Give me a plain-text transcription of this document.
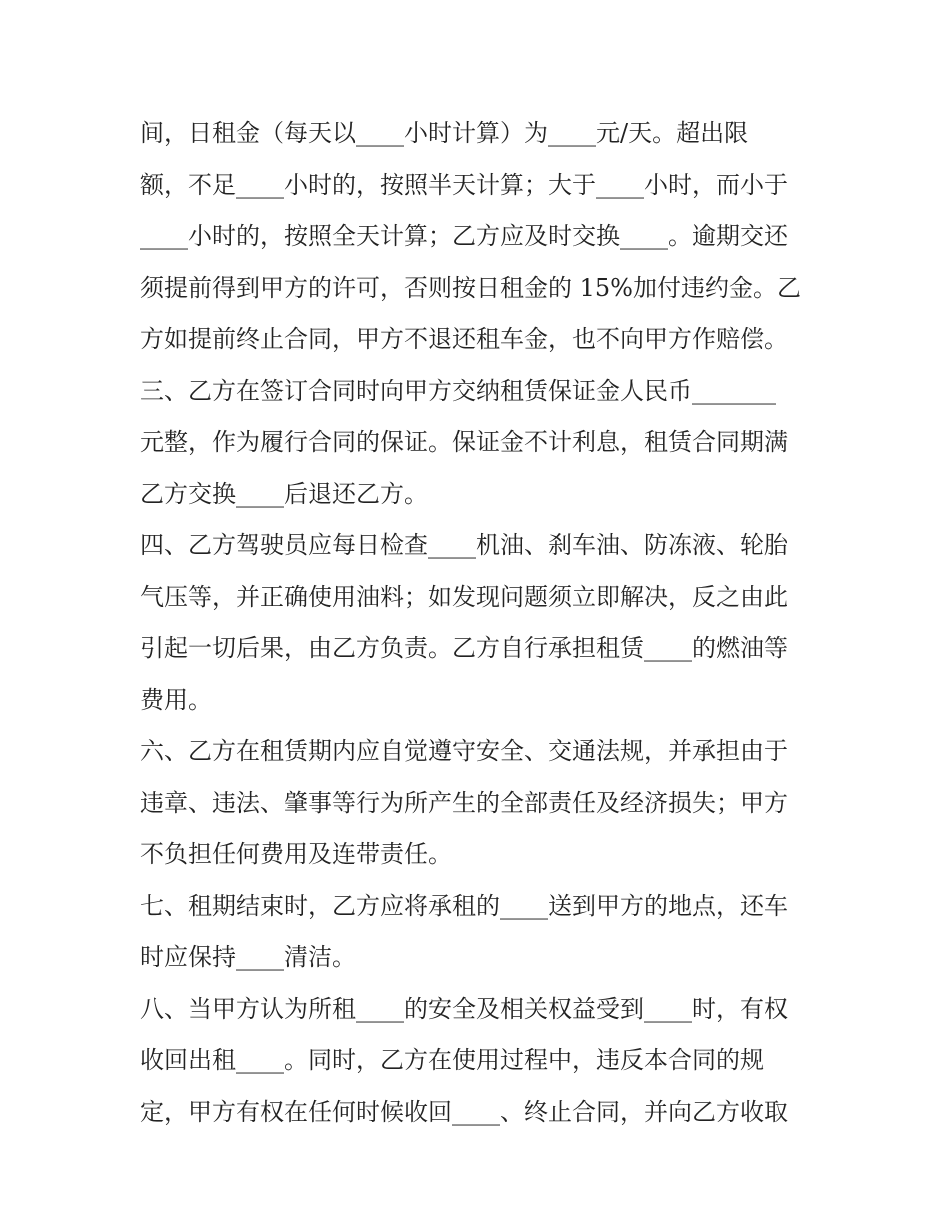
间，日租金（每天以____小时计算）为____元/天。超出限
额，不足____小时的，按照半天计算；大于____小时，而小于
____小时的，按照全天计算；乙方应及时交换____。逾期交还
须提前得到甲方的许可，否则按日租金的 15%加付违约金。乙
方如提前终止合同，甲方不退还租车金，也不向甲方作赔偿。
三、乙方在签订合同时向甲方交纳租赁保证金人民币_______
元整，作为履行合同的保证。保证金不计利息，租赁合同期满
乙方交换____后退还乙方。
四、乙方驾驶员应每日检查____机油、刹车油、防冻液、轮胎
气压等，并正确使用油料；如发现问题须立即解决，反之由此
引起一切后果，由乙方负责。乙方自行承担租赁____的燃油等
费用。
六、乙方在租赁期内应自觉遵守安全、交通法规，并承担由于
违章、违法、肇事等行为所产生的全部责任及经济损失；甲方
不负担任何费用及连带责任。
七、租期结束时，乙方应将承租的____送到甲方的地点，还车
时应保持____清洁。
八、当甲方认为所租____的安全及相关权益受到____时，有权
收回出租____。同时，乙方在使用过程中，违反本合同的规
定，甲方有权在任何时候收回____、终止合同，并向乙方收取
